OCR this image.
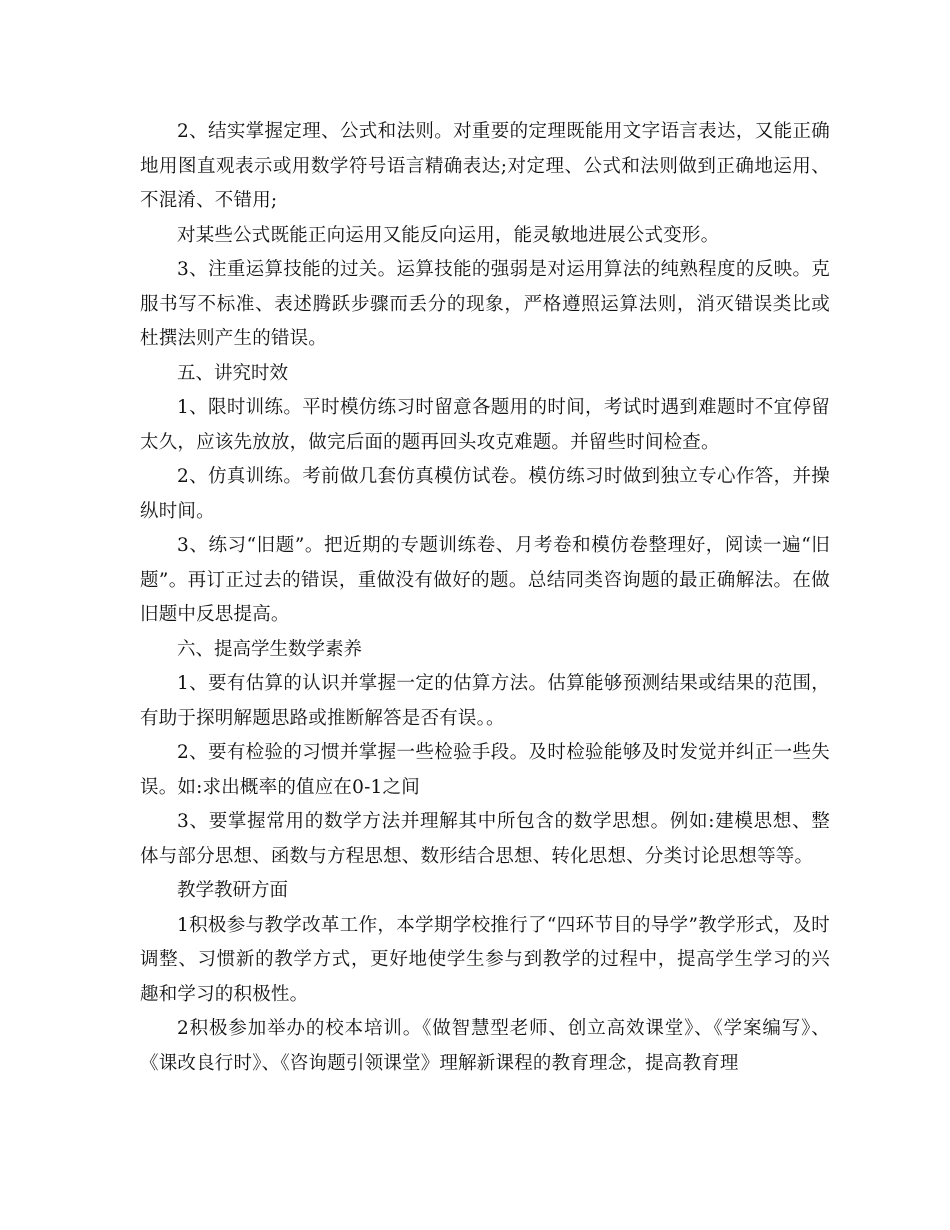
2、结实掌握定理、公式和法则。对重要的定理既能用文字语言表达，又能正确地用图直观表示或用数学符号语言精确表达;对定理、公式和法则做到正确地运用、不混淆、不错用;

对某些公式既能正向运用又能反向运用，能灵敏地进展公式变形。

3、注重运算技能的过关。运算技能的强弱是对运用算法的纯熟程度的反映。克服书写不标准、表述腾跃步骤而丢分的现象，严格遵照运算法则，消灭错误类比或杜撰法则产生的错误。

五、讲究时效

1、限时训练。平时模仿练习时留意各题用的时间，考试时遇到难题时不宜停留太久，应该先放放，做完后面的题再回头攻克难题。并留些时间检查。

2、仿真训练。考前做几套仿真模仿试卷。模仿练习时做到独立专心作答，并操纵时间。

3、练习“旧题”。把近期的专题训练卷、月考卷和模仿卷整理好，阅读一遍“旧题”。再订正过去的错误，重做没有做好的题。总结同类咨询题的最正确解法。在做旧题中反思提高。

六、提高学生数学素养

1、要有估算的认识并掌握一定的估算方法。估算能够预测结果或结果的范围，有助于探明解题思路或推断解答是否有误。。

2、要有检验的习惯并掌握一些检验手段。及时检验能够及时发觉并纠正一些失误。如:求出概率的值应在0-1之间

3、要掌握常用的数学方法并理解其中所包含的数学思想。例如:建模思想、整体与部分思想、函数与方程思想、数形结合思想、转化思想、分类讨论思想等等。

教学教研方面

1积极参与教学改革工作，本学期学校推行了“四环节目的导学”教学形式，及时调整、习惯新的教学方式，更好地使学生参与到教学的过程中，提高学生学习的兴趣和学习的积极性。

2积极参加举办的校本培训。《做智慧型老师、创立高效课堂》、《学案编写》、《课改良行时》、《咨询题引领课堂》理解新课程的教育理念，提高教育理
